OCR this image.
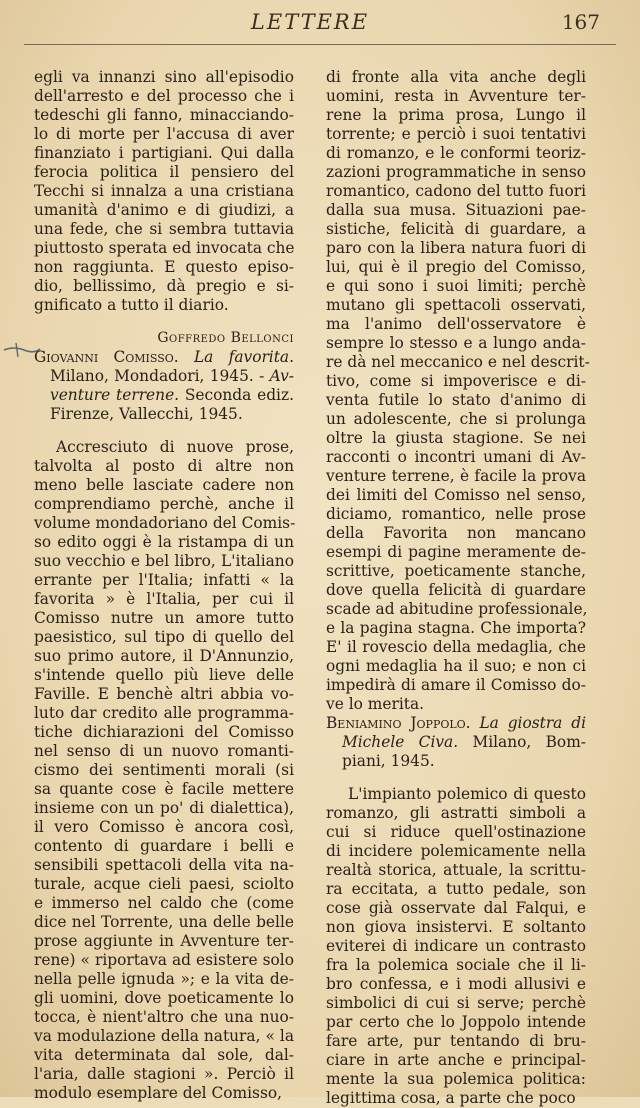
LETTERE	167

egli va innanzi sino all'episodio
dell'arresto e del processo che i
tedeschi gli fanno, minacciando-
lo di morte per l'accusa di aver
finanziato i partigiani. Qui dalla
ferocia politica il pensiero del
Tecchi si innalza a una cristiana
umanità d'animo e di giudizi, a
una fede, che si sembra tuttavia
piuttosto sperata ed invocata che
non raggiunta. E questo episo-
dio, bellissimo, dà pregio e si-
gnificato a tutto il diario.

Goffredo Bellonci

Giovanni Comisso. La favorita. Milano, Mondadori, 1945. - Av- venture terrene. Seconda ediz. Firenze, Vallecchi, 1945.

Accresciuto di nuove prose,
talvolta al posto di altre non
meno belle lasciate cadere non
comprendiamo perchè, anche il
volume mondadoriano del Comis-
so edito oggi è la ristampa di un
suo vecchio e bel libro, L'italiano
errante per l'Italia; infatti « la
favorita » è l'Italia, per cui il
Comisso nutre un amore tutto
paesistico, sul tipo di quello del
suo primo autore, il D'Annunzio,
s'intende quello più lieve delle
Faville. E benchè altri abbia vo-
luto dar credito alle programma-
tiche dichiarazioni del Comisso
nel senso di un nuovo romanti-
cismo dei sentimenti morali (si
sa quante cose è facile mettere
insieme con un po' di dialettica),
il vero Comisso è ancora così,
contento di guardare i belli e
sensibili spettacoli della vita na-
turale, acque cieli paesi, sciolto
e immerso nel caldo che (come
dice nel Torrente, una delle belle
prose aggiunte in Avventure ter-
rene) « riportava ad esistere solo
nella pelle ignuda »; e la vita de-
gli uomini, dove poeticamente lo
tocca, è nient'altro che una nuo-
va modulazione della natura, « la
vita determinata dal sole, dal-
l'aria, dalle stagioni ». Perciò il
modulo esemplare del Comisso,

di fronte alla vita anche degli
uomini, resta in Avventure ter-
rene la prima prosa, Lungo il
torrente; e perciò i suoi tentativi
di romanzo, e le conformi teoriz-
zazioni programmatiche in senso
romantico, cadono del tutto fuori
dalla sua musa. Situazioni pae-
sistiche, felicità di guardare, a
paro con la libera natura fuori di
lui, qui è il pregio del Comisso,
e qui sono i suoi limiti; perchè
mutano gli spettacoli osservati,
ma l'animo dell'osservatore è
sempre lo stesso e a lungo anda-
re dà nel meccanico e nel descrit-
tivo, come si impoverisce e di-
venta futile lo stato d'animo di
un adolescente, che si prolunga
oltre la giusta stagione. Se nei
racconti o incontri umani di Av-
venture terrene, è facile la prova
dei limiti del Comisso nel senso,
diciamo, romantico, nelle prose
della Favorita non mancano
esempi di pagine meramente de-
scrittive, poeticamente stanche,
dove quella felicità di guardare
scade ad abitudine professionale,
e la pagina stagna. Che importa?
E' il rovescio della medaglia, che
ogni medaglia ha il suo; e non ci
impedirà di amare il Comisso do-
ve lo merita.

Beniamino Joppolo. La giostra di Michele Civa. Milano, Bom- piani, 1945.

L'impianto polemico di questo
romanzo, gli astratti simboli a
cui si riduce quell'ostinazione
di incidere polemicamente nella
realtà storica, attuale, la scrittu-
ra eccitata, a tutto pedale, son
cose già osservate dal Falqui, e
non giova insistervi. E soltanto
eviterei di indicare un contrasto
fra la polemica sociale che il li-
bro confessa, e i modi allusivi e
simbolici di cui si serve; perchè
par certo che lo Joppolo intende
fare arte, pur tentando di bru-
ciare in arte anche e principal-
mente la sua polemica politica:
legittima cosa, a parte che poco
